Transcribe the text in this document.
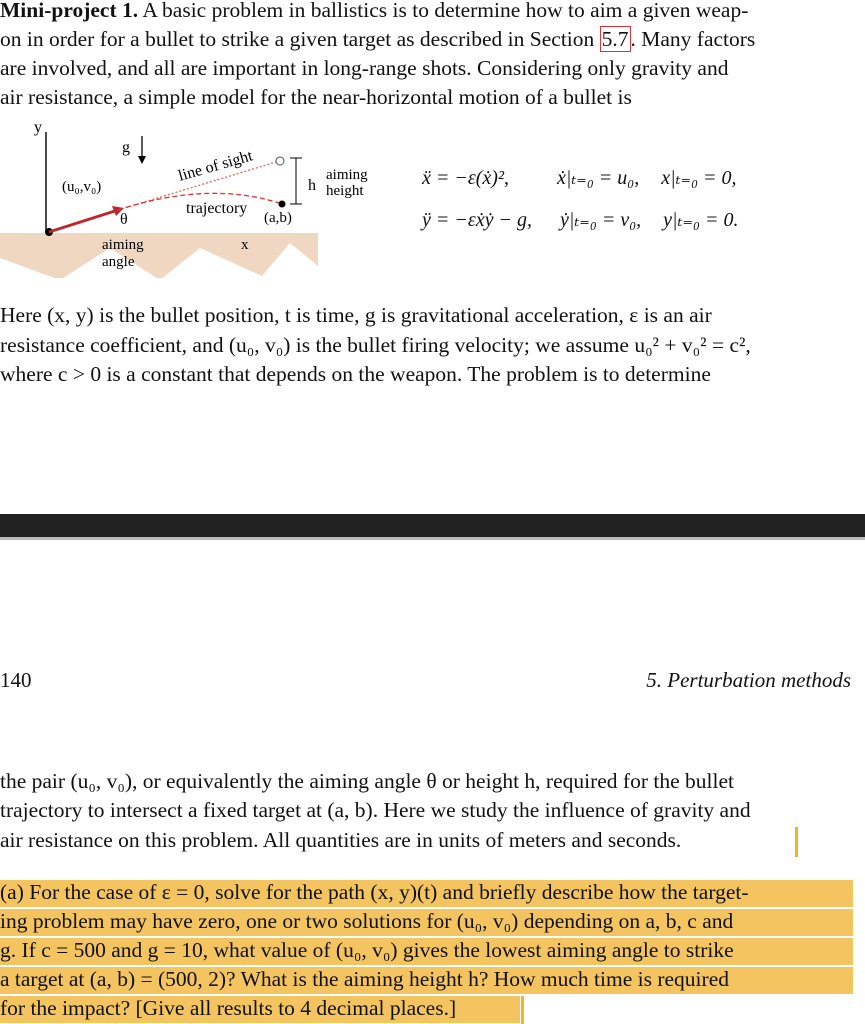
Mini-project 1. A basic problem in ballistics is to determine how to aim a given weap-
on in order for a bullet to strike a given target as described in Section 5.7. Many factors
are involved, and all are important in long-range shots. Considering only gravity and
air resistance, a simple model for the near-horizontal motion of a bullet is
y
x
g
(u₀,v₀)
θ
aiming
angle
line of sight
trajectory
(a,b)
h
aiming
height
ẍ = −ε(ẋ)², ẋ|ₜ₌₀ = u₀, x|ₜ₌₀ = 0,
ÿ = −εẋẏ − g, ẏ|ₜ₌₀ = v₀, y|ₜ₌₀ = 0.
Here (x, y) is the bullet position, t is time, g is gravitational acceleration, ε is an air
resistance coefficient, and (u₀, v₀) is the bullet firing velocity; we assume u₀² + v₀² = c²,
where c > 0 is a constant that depends on the weapon. The problem is to determine
140	5. Perturbation methods
the pair (u₀, v₀), or equivalently the aiming angle θ or height h, required for the bullet
trajectory to intersect a fixed target at (a, b). Here we study the influence of gravity and
air resistance on this problem. All quantities are in units of meters and seconds.
(a) For the case of ε = 0, solve for the path (x, y)(t) and briefly describe how the target-
ing problem may have zero, one or two solutions for (u₀, v₀) depending on a, b, c and
g. If c = 500 and g = 10, what value of (u₀, v₀) gives the lowest aiming angle to strike
a target at (a, b) = (500, 2)? What is the aiming height h? How much time is required
for the impact? [Give all results to 4 decimal places.]
